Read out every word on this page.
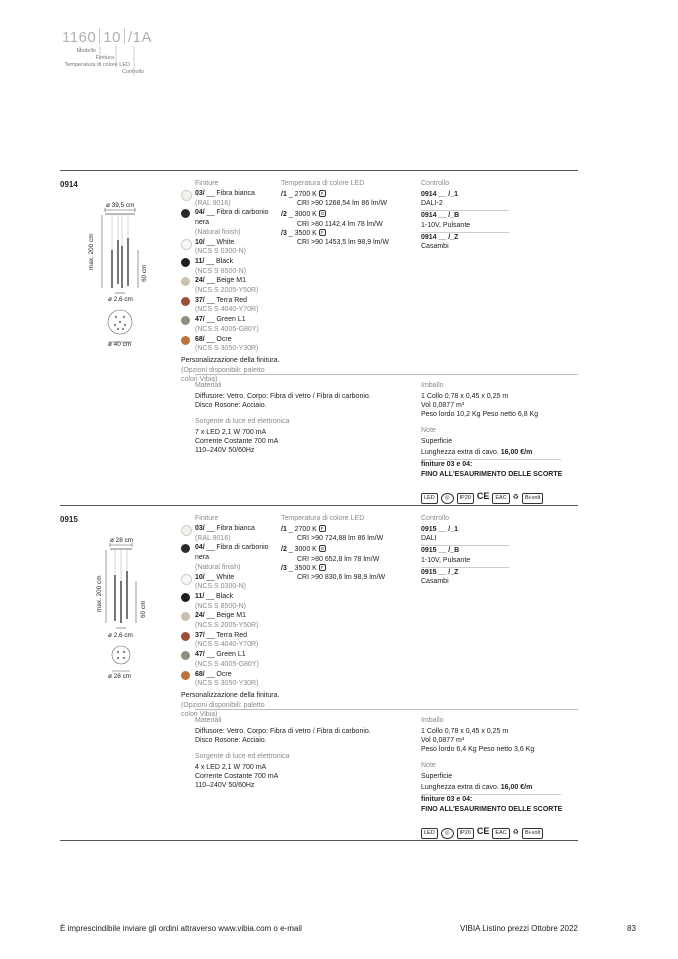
1160 10 /1A
Modello
Finitura
Temperatura di colore LED
Controllo
0914
ø 39,5 cm
max. 200 cm
60 cm
ø 2,6 cm
ø 40 cm
Finiture
03/ __ Fibra bianca
(RAL 9016)
04/ __ Fibra di carbonio nera
(Natural finish)
10/ __ White
(NCS S 0300-N)
11/ __ Black
(NCS S 8500-N)
24/ __ Beige M1
(NCS S 2005-Y50R)
37/ __ Terra Red
(NCS S 4040-Y70R)
47/ __ Green L1
(NCS S 4005-G80Y)
68/ __ Ocre
(NCS S 3050-Y30R)
Personalizzazione della finitura.
(Opzioni disponibili: paletto colori Vibia)
Temperatura di colore LED
/1 _ 2700 K F
CRI >90 1268,54 lm 86 lm/W
/2 _ 3000 K G
CRI >80 1142,4 lm 78 lm/W
/3 _ 3500 K F
CRI >90 1453,5 lm 98,9 lm/W
Controllo
0914 __ /_1
DALI-2
0914 __ /_B
1-10V, Pulsante
0914 __ /_Z
Casambi
Materiali
Diffusore: Vetro. Corpo: Fibra di vetro / Fibra di carbonio.
Disco Rosone: Acciaio.
Sorgente di luce ed elettronica
7 x LED 2,1 W 700 mA
Corrente Costante 700 mA
110–240V 50/60Hz
Imballo
1 Collo 0,78 x 0,45 x 0,25 m
Vol 0,0877 m³
Peso lordo 10,2 Kg Peso netto 6,8 Kg
Note
Superficie
Lunghezza extra di cavo. 16,00 €/m
finiture 03 e 04:
FINO ALL'ESAURIMENTO DELLE SCORTE
LED ◎ IP20 CE EAC ♻ Bi-volt
0915
ø 28 cm
max. 200 cm	60 cm
ø 2,6 cm
ø 28 cm
Finiture
03/ __ Fibra bianca
(RAL 9016)
04/ __ Fibra di carbonio nera
(Natural finish)
10/ __ White
(NCS S 0300-N)
11/ __ Black
(NCS S 8500-N)
24/ __ Beige M1
(NCS S 2005-Y50R)
37/ __ Terra Red
(NCS S 4040-Y70R)
47/ __ Green L1
(NCS S 4005-G80Y)
68/ __ Ocre
(NCS S 3050-Y30R)
Personalizzazione della finitura.
(Opzioni disponibili: paletto colori Vibia)
Temperatura di colore LED
/1 _ 2700 K F
CRI >90 724,88 lm 86 lm/W
/2 _ 3000 K G
CRI >80 652,8 lm 78 lm/W
/3 _ 3500 K F
CRI >90 830,6 lm 98,9 lm/W
Controllo
0915 __ /_1
DALI
0915 __ /_B
1-10V, Pulsante
0915 __ /_Z
Casambi
Materiali
Diffusore: Vetro. Corpo: Fibra di vetro / Fibra di carbonio.
Disco Rosone: Acciaio.
Sorgente di luce ed elettronica
4 x LED 2,1 W 700 mA
Corrente Costante 700 mA
110–240V 50/60Hz
Imballo
1 Collo 0,78 x 0,45 x 0,25 m
Vol 0,0877 m³
Peso lordo 6,4 Kg Peso netto 3,6 Kg
Note
Superficie
Lunghezza extra di cavo. 16,00 €/m
finiture 03 e 04:
FINO ALL'ESAURIMENTO DELLE SCORTE
LED ◎ IP20 CE EAC ♻ Bi-volt
È imprescindibile inviare gli ordini attraverso www.vibia.com o e-mail	VIBIA Listino prezzi Ottobre 2022	83
